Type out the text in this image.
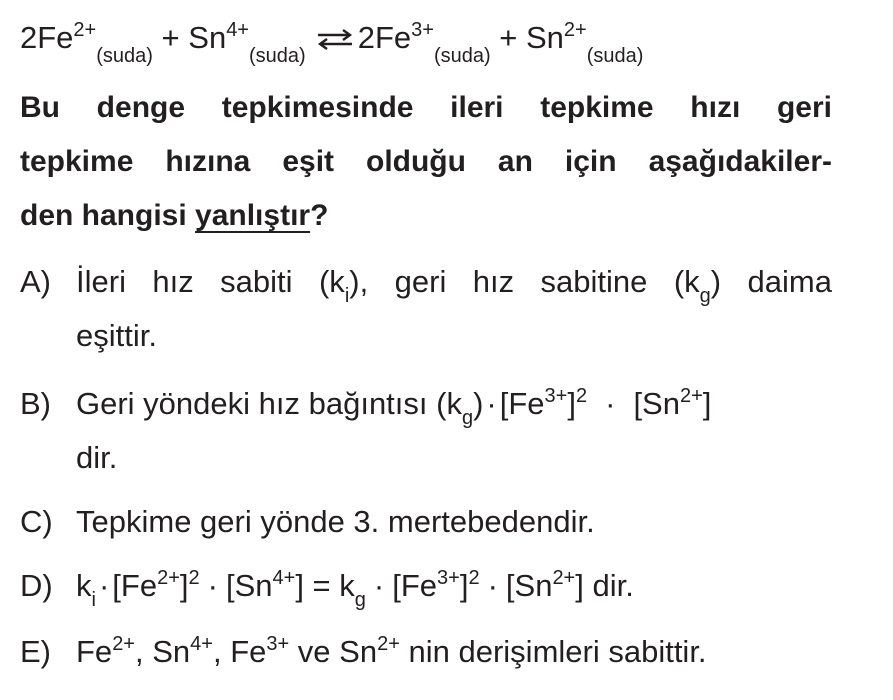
$2Fe^{2+}_{(suda)} + Sn^{4+}_{(suda)}$ ⇌ $2Fe^{3+}_{(suda)} + Sn^{2+}_{(suda)}$
Bu denge tepkimesinde ileri tepkime hızı geri
tepkime hızına eşit olduğu an için aşağıdakiler-
den hangisi yanlıştır?
A) İleri hız sabiti $(k_i)$, geri hız sabitine $(k_g)$ daima
eşittir.
B) Geri yöndeki hız bağıntısı $(k_g)\cdot[Fe^{3+}]^2 \cdot [Sn^{2+}]$
dir.
C) Tepkime geri yönde 3. mertebedendir.
D) $k_i\cdot[Fe^{2+}]^2 \cdot [Sn^{4+}] = k_g \cdot [Fe^{3+}]^2 \cdot [Sn^{2+}]$ dir.
E) $Fe^{2+}$, $Sn^{4+}$, $Fe^{3+}$ ve $Sn^{2+}$ nin derişimleri sabittir.
